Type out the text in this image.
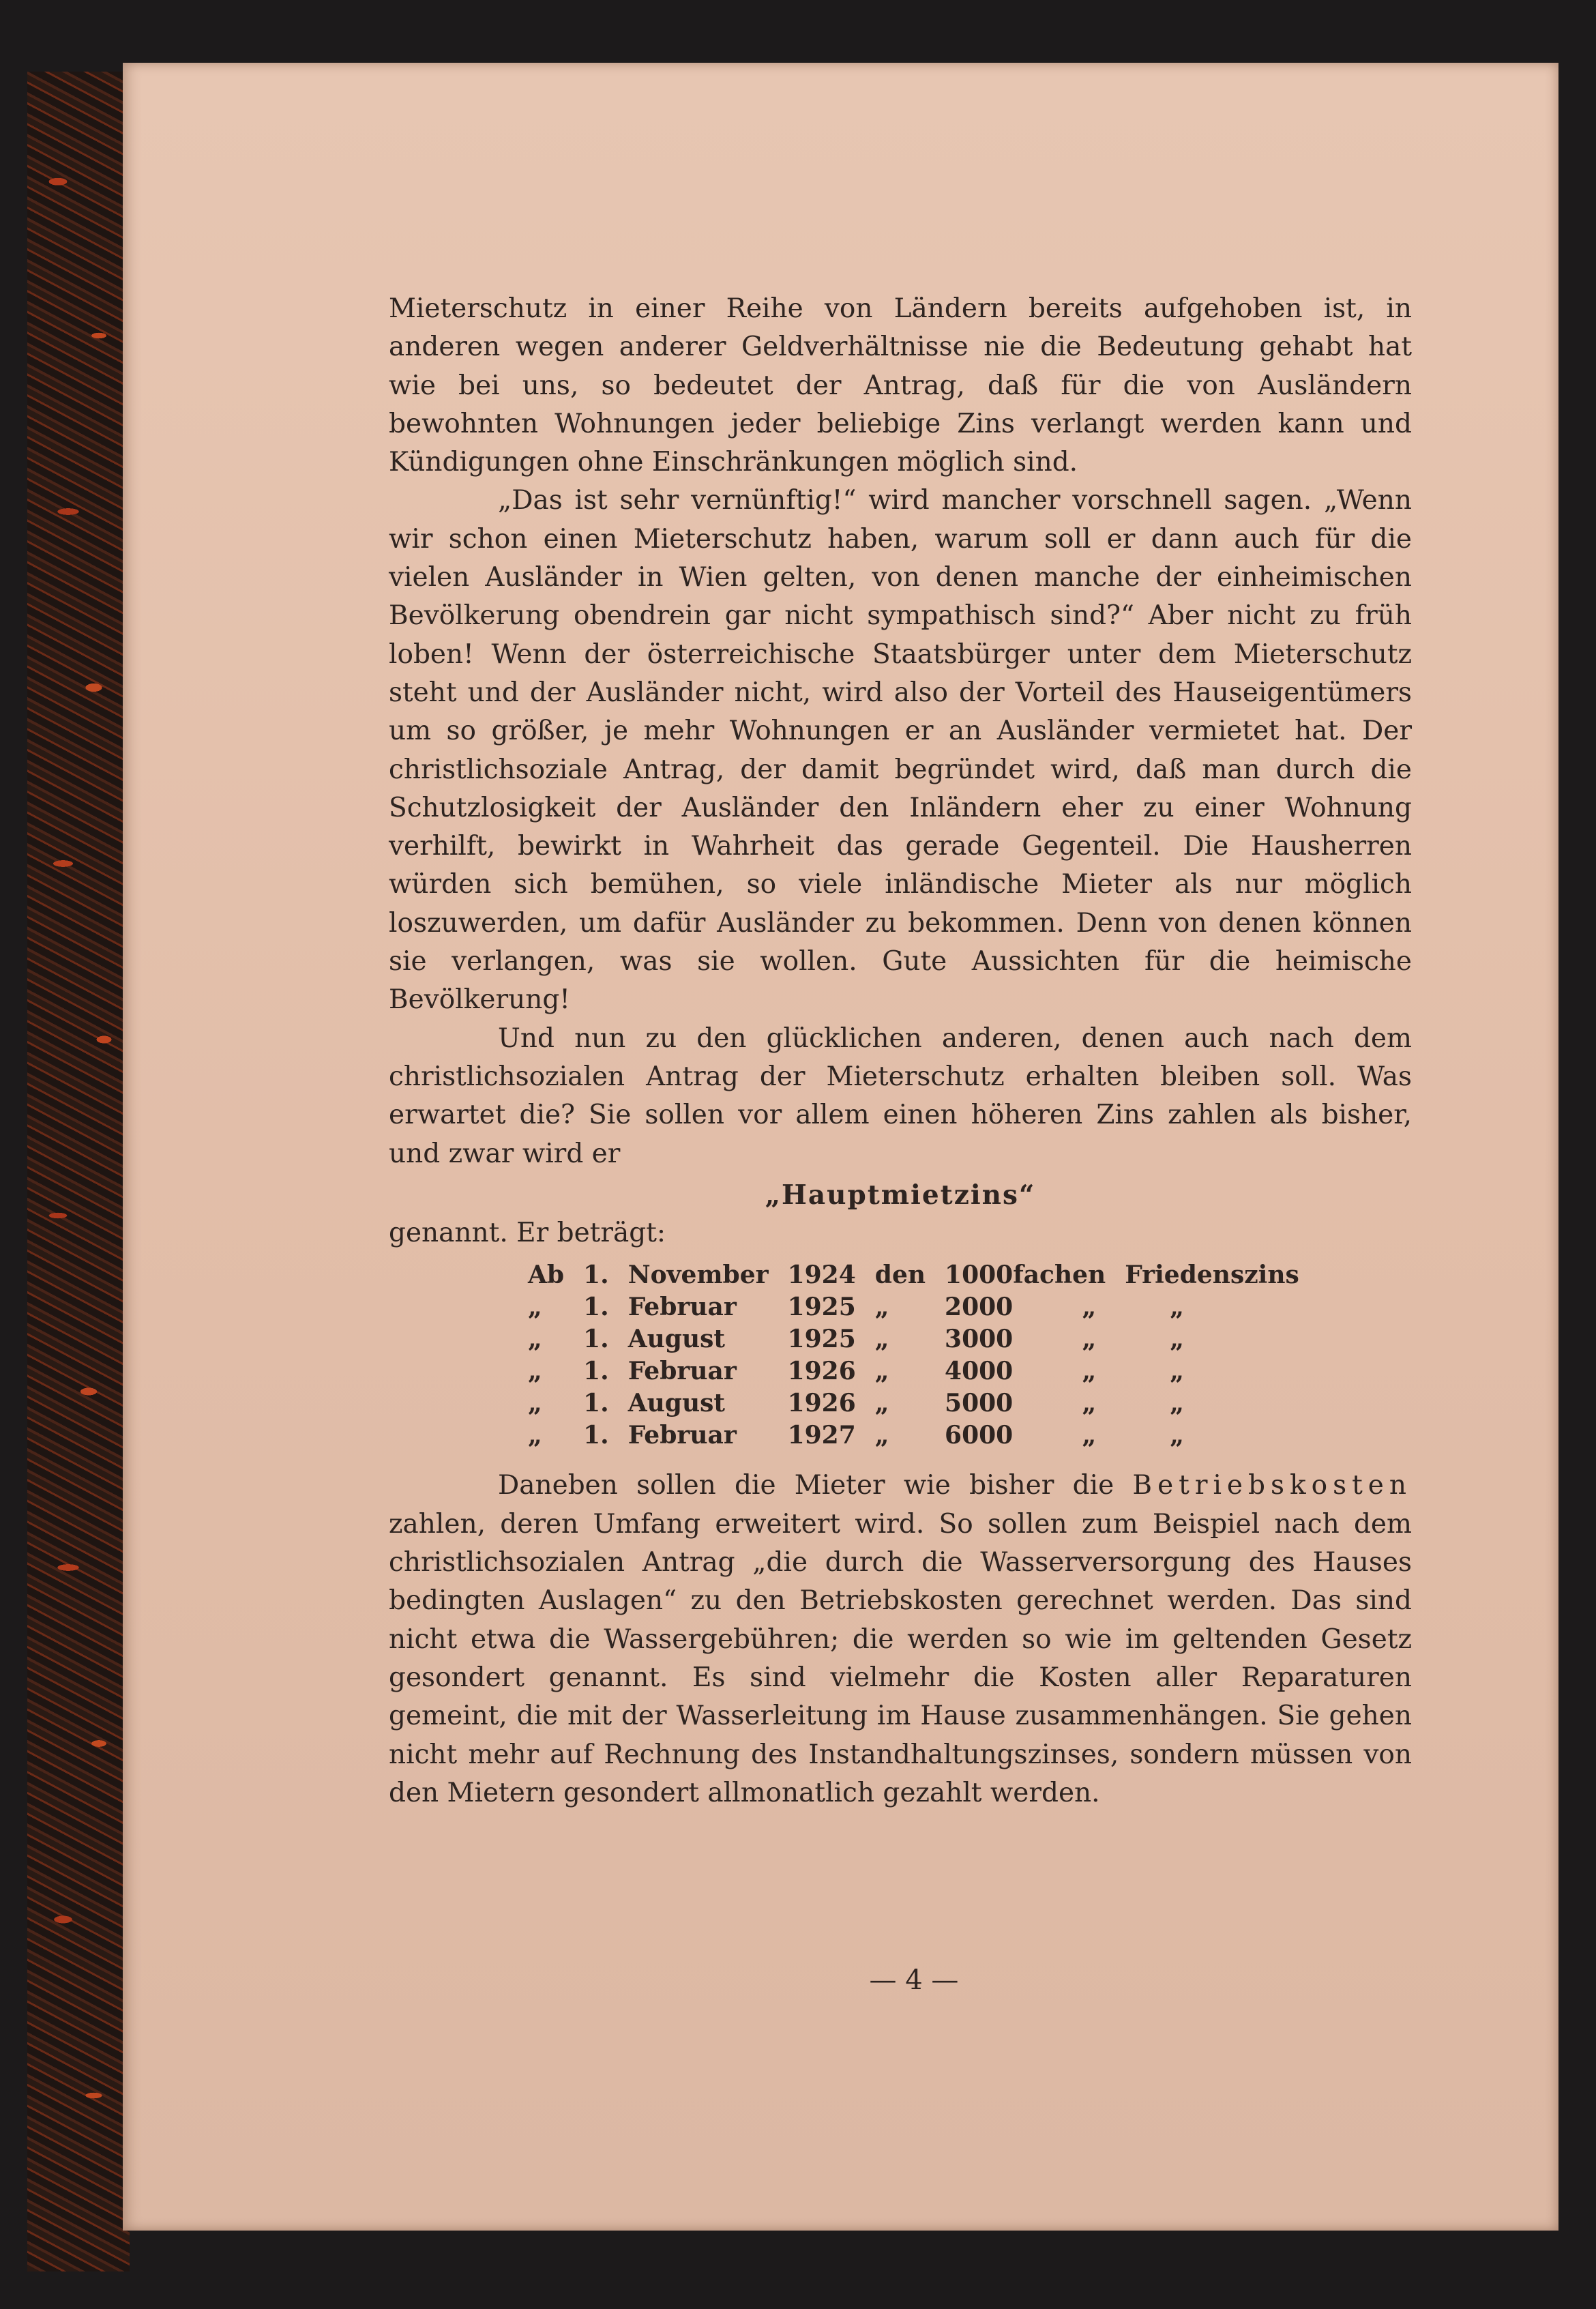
Mieterschutz in einer Reihe von Ländern bereits aufgehoben ist, in anderen wegen anderer Geldverhältnisse nie die Bedeutung gehabt hat wie bei uns, so bedeutet der Antrag, daß für die von Ausländern bewohnten Wohnungen jeder beliebige Zins verlangt werden kann und Kündigungen ohne Einschränkungen möglich sind.

„Das ist sehr vernünftig!“ wird mancher vorschnell sagen. „Wenn wir schon einen Mieterschutz haben, warum soll er dann auch für die vielen Ausländer in Wien gelten, von denen manche der einheimischen Bevölkerung obendrein gar nicht sympathisch sind?“ Aber nicht zu früh loben! Wenn der österreichische Staatsbürger unter dem Mieterschutz steht und der Ausländer nicht, wird also der Vorteil des Hauseigentümers um so größer, je mehr Wohnungen er an Ausländer vermietet hat. Der christlichsoziale Antrag, der damit begründet wird, daß man durch die Schutzlosigkeit der Ausländer den Inländern eher zu einer Wohnung verhilft, bewirkt in Wahrheit das gerade Gegenteil. Die Hausherren würden sich bemühen, so viele inländische Mieter als nur möglich loszuwerden, um dafür Ausländer zu bekommen. Denn von denen können sie verlangen, was sie wollen. Gute Aussichten für die heimische Bevölkerung!

Und nun zu den glücklichen anderen, denen auch nach dem christlichsozialen Antrag der Mieterschutz erhalten bleiben soll. Was erwartet die? Sie sollen vor allem einen höheren Zins zahlen als bisher, und zwar wird er

„Hauptmietzins“

genannt. Er beträgt:

Ab	1.	November	1924	den	1000fachen		Friedenszins
„	1.	Februar	1925	„	2000	„	„
„	1.	August	1925	„	3000	„	„
„	1.	Februar	1926	„	4000	„	„
„	1.	August	1926	„	5000	„	„
„	1.	Februar	1927	„	6000	„	„

Daneben sollen die Mieter wie bisher die Betriebskosten zahlen, deren Umfang erweitert wird. So sollen zum Beispiel nach dem christlichsozialen Antrag „die durch die Wasserversorgung des Hauses bedingten Auslagen“ zu den Betriebskosten gerechnet werden. Das sind nicht etwa die Wassergebühren; die werden so wie im geltenden Gesetz gesondert genannt. Es sind vielmehr die Kosten aller Reparaturen gemeint, die mit der Wasserleitung im Hause zusammenhängen. Sie gehen nicht mehr auf Rechnung des Instandhaltungszinses, sondern müssen von den Mietern gesondert allmonatlich gezahlt werden.

— 4 —
